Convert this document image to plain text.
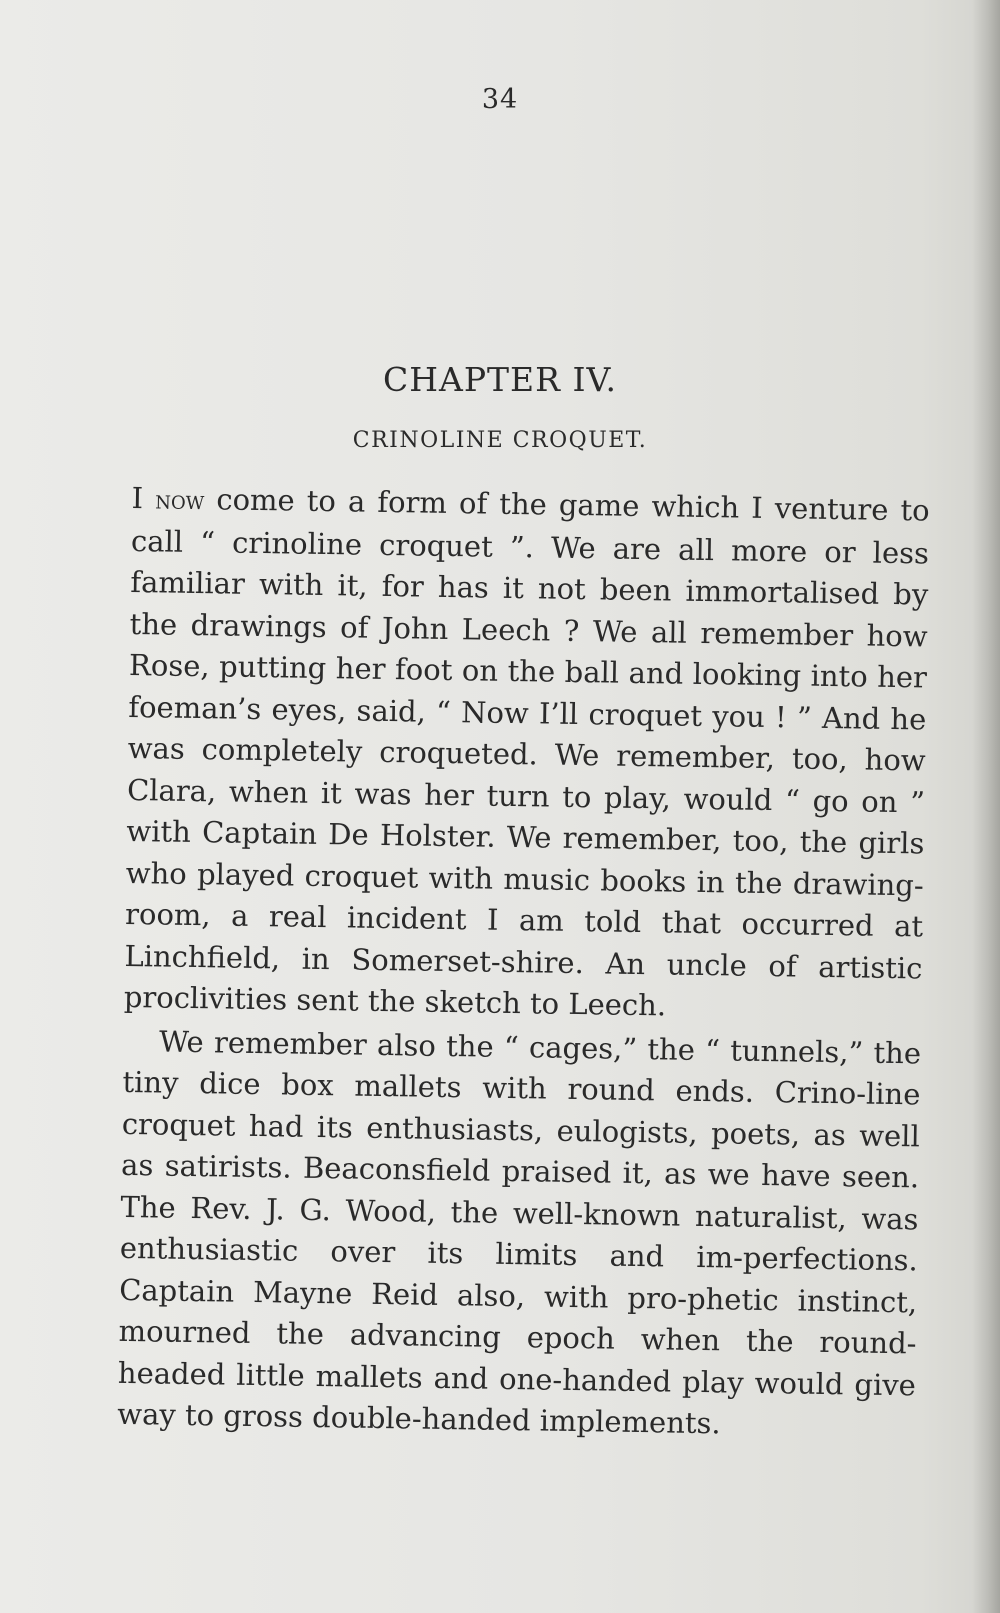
34
CHAPTER IV.
CRINOLINE CROQUET.

I now come to a form of the game which I venture to call “ crinoline croquet ”. We are all more or less familiar with it, for has it not been immortalised by the drawings of John Leech ? We all remember how Rose, putting her foot on the ball and looking into her foeman’s eyes, said, “ Now I’ll croquet you ! ” And he was completely croqueted. We remember, too, how Clara, when it was her turn to play, would “ go on ” with Captain De Holster. We remember, too, the girls who played croquet with music books in the drawing-room, a real incident I am told that occurred at Linchfield, in Somerset-shire. An uncle of artistic proclivities sent the sketch to Leech.

We remember also the “ cages,” the “ tunnels,” the tiny dice box mallets with round ends. Crino-line croquet had its enthusiasts, eulogists, poets, as well as satirists. Beaconsfield praised it, as we have seen. The Rev. J. G. Wood, the well-known naturalist, was enthusiastic over its limits and im-perfections. Captain Mayne Reid also, with pro-phetic instinct, mourned the advancing epoch when the round-headed little mallets and one-handed play would give way to gross double-handed implements.
